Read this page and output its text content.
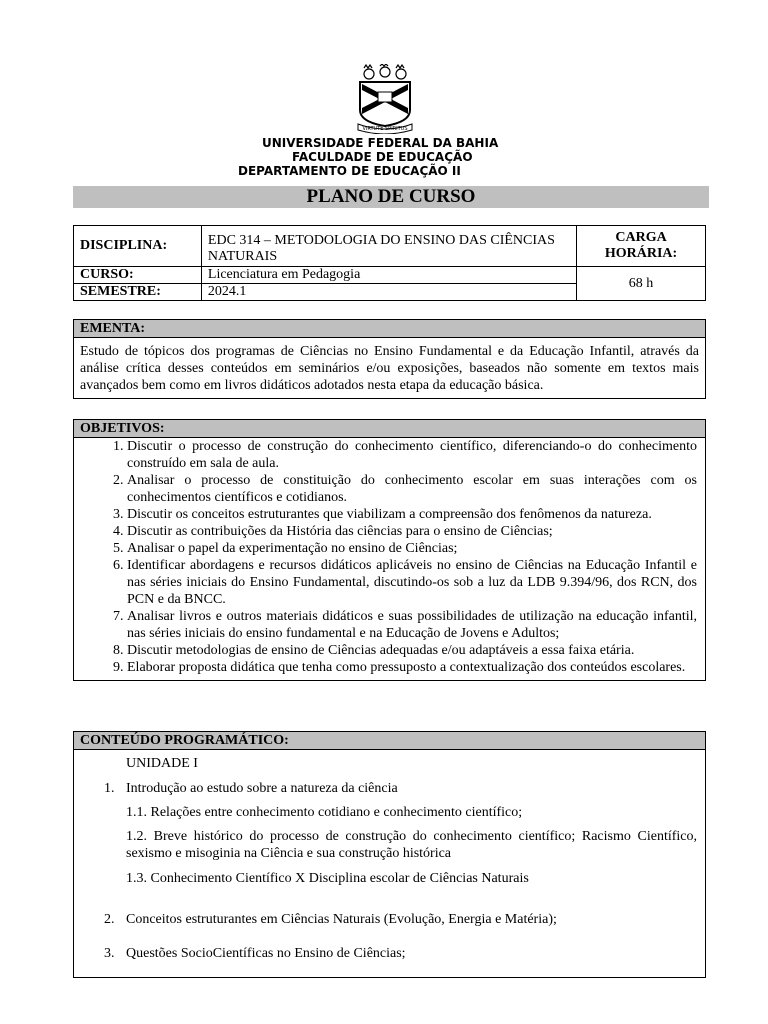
VIRTUTE SPIRITUS
UNIVERSIDADE FEDERAL DA BAHIA
FACULDADE DE EDUCAÇÃO
DEPARTAMENTO DE EDUCAÇÃO II
PLANO DE CURSO
DISCIPLINA:	EDC 314 – METODOLOGIA DO ENSINO DAS CIÊNCIAS NATURAIS	CARGA
HORÁRIA:
CURSO:	Licenciatura em Pedagogia	68 h
SEMESTRE:	2024.1	
EMENTA:
Estudo de tópicos dos programas de Ciências no Ensino Fundamental e da Educação Infantil, através da análise crítica desses conteúdos em seminários e/ou exposições, baseados não somente em textos mais avançados bem como em livros didáticos adotados nesta etapa da educação básica.
OBJETIVOS:
1. Discutir o processo de construção do conhecimento científico, diferenciando-o do conhecimento construído em sala de aula.
2. Analisar o processo de constituição do conhecimento escolar em suas interações com os conhecimentos científicos e cotidianos.
3. Discutir os conceitos estruturantes que viabilizam a compreensão dos fenômenos da natureza.
4. Discutir as contribuições da História das ciências para o ensino de Ciências;
5. Analisar o papel da experimentação no ensino de Ciências;
6. Identificar abordagens e recursos didáticos aplicáveis no ensino de Ciências na Educação Infantil e nas séries iniciais do Ensino Fundamental, discutindo-os sob a luz da LDB 9.394/96, dos RCN, dos PCN e da BNCC.
7. Analisar livros e outros materiais didáticos e suas possibilidades de utilização na educação infantil, nas séries iniciais do ensino fundamental e na Educação de Jovens e Adultos;
8. Discutir metodologias de ensino de Ciências adequadas e/ou adaptáveis a essa faixa etária.
9. Elaborar proposta didática que tenha como pressuposto a contextualização dos conteúdos escolares.
CONTEÚDO PROGRAMÁTICO:
UNIDADE I
1. Introdução ao estudo sobre a natureza da ciência
1.1. Relações entre conhecimento cotidiano e conhecimento científico;
1.2. Breve histórico do processo de construção do conhecimento científico; Racismo Científico, sexismo e misoginia na Ciência e sua construção histórica
1.3. Conhecimento Científico X Disciplina escolar de Ciências Naturais
2. Conceitos estruturantes em Ciências Naturais (Evolução, Energia e Matéria);
3. Questões SocioCientíficas no Ensino de Ciências;
